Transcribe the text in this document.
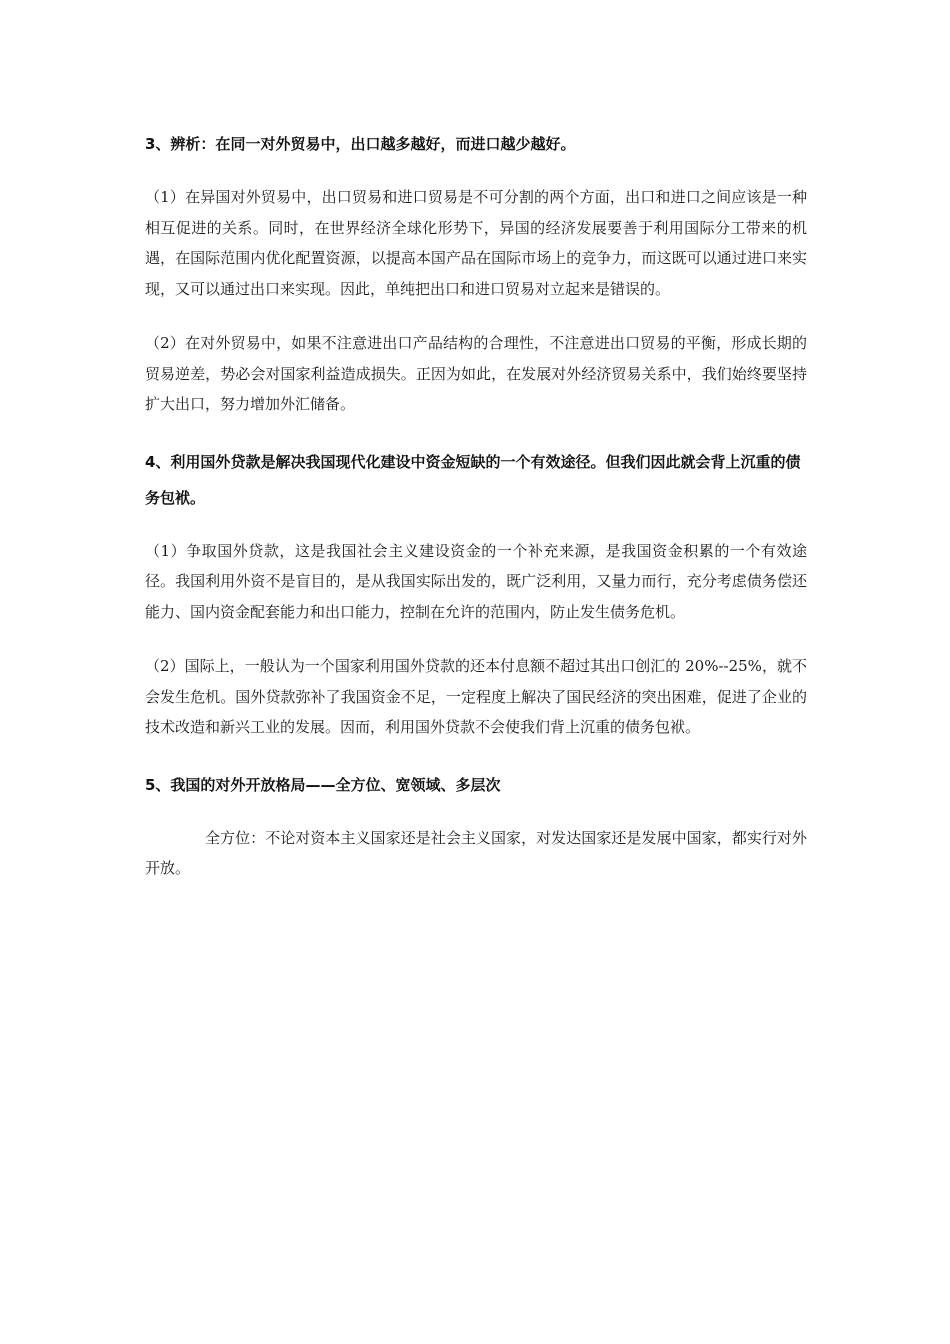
3、辨析：在同一对外贸易中，出口越多越好，而进口越少越好。

（1）在异国对外贸易中，出口贸易和进口贸易是不可分割的两个方面，出口和进口之间应该是一种相互促进的关系。同时，在世界经济全球化形势下，异国的经济发展要善于利用国际分工带来的机遇，在国际范围内优化配置资源，以提高本国产品在国际市场上的竞争力，而这既可以通过进口来实现，又可以通过出口来实现。因此，单纯把出口和进口贸易对立起来是错误的。

（2）在对外贸易中，如果不注意进出口产品结构的合理性，不注意进出口贸易的平衡，形成长期的贸易逆差，势必会对国家利益造成损失。正因为如此，在发展对外经济贸易关系中，我们始终要坚持扩大出口，努力增加外汇储备。

4、利用国外贷款是解决我国现代化建设中资金短缺的一个有效途径。但我们因此就会背上沉重的债务包袱。

（1）争取国外贷款，这是我国社会主义建设资金的一个补充来源，是我国资金积累的一个有效途径。我国利用外资不是盲目的，是从我国实际出发的，既广泛利用，又量力而行，充分考虑债务偿还能力、国内资金配套能力和出口能力，控制在允许的范围内，防止发生债务危机。

（2）国际上，一般认为一个国家利用国外贷款的还本付息额不超过其出口创汇的 20%--25%，就不会发生危机。国外贷款弥补了我国资金不足，一定程度上解决了国民经济的突出困难，促进了企业的技术改造和新兴工业的发展。因而，利用国外贷款不会使我们背上沉重的债务包袱。

5、我国的对外开放格局——全方位、宽领域、多层次

全方位：不论对资本主义国家还是社会主义国家，对发达国家还是发展中国家，都实行对外开放。
